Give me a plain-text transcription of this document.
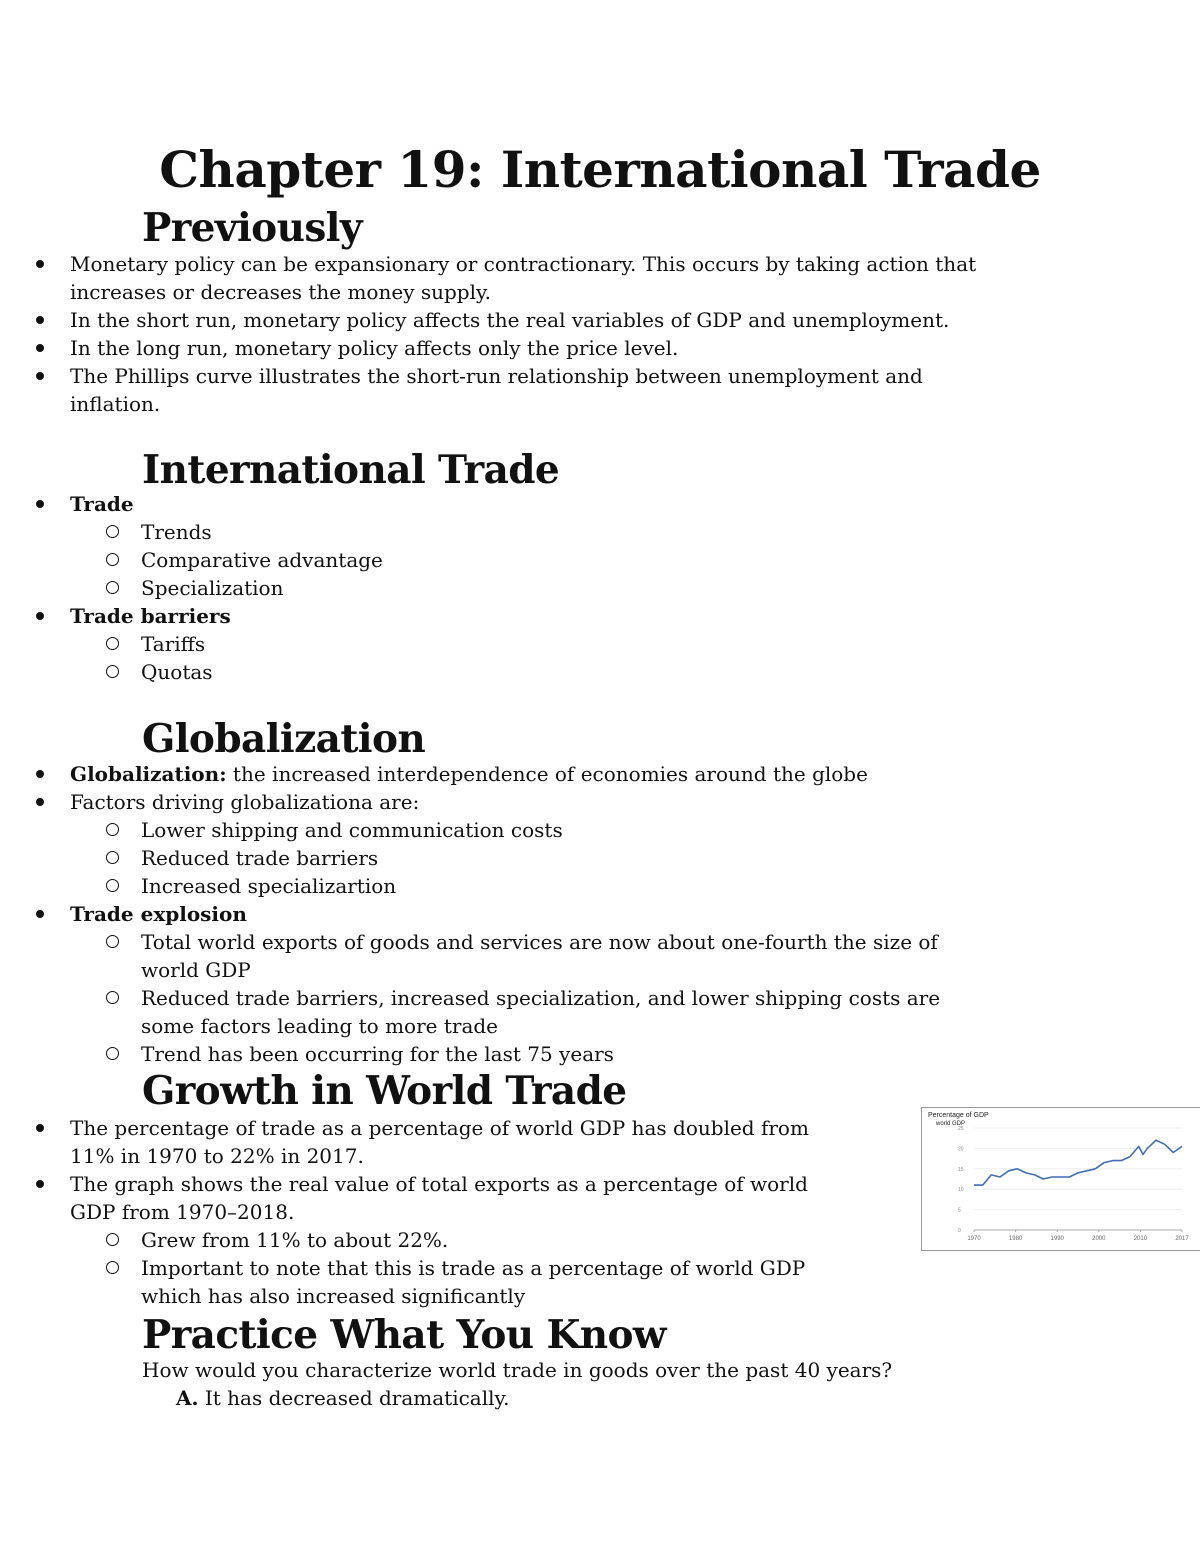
Chapter 19: International Trade
Previously
Monetary policy can be expansionary or contractionary. This occurs by taking action that
increases or decreases the money supply.
In the short run, monetary policy affects the real variables of GDP and unemployment.
In the long run, monetary policy affects only the price level.
The Phillips curve illustrates the short-run relationship between unemployment and
inflation.
International Trade
Trade
Trends
Comparative advantage
Specialization
Trade barriers
Tariffs
Quotas
Globalization
Globalization: the increased interdependence of economies around the globe
Factors driving globalizationa are:
Lower shipping and communication costs
Reduced trade barriers
Increased specializartion
Trade explosion
Total world exports of goods and services are now about one-fourth the size of
world GDP
Reduced trade barriers, increased specialization, and lower shipping costs are
some factors leading to more trade
Trend has been occurring for the last 75 years
Growth in World Trade
The percentage of trade as a percentage of world GDP has doubled from
11% in 1970 to 22% in 2017.
The graph shows the real value of total exports as a percentage of world
GDP from 1970–2018.
Grew from 11% to about 22%.
Important to note that this is trade as a percentage of world GDP
which has also increased significantly
Percentage of GDP
world GDP
0
5
10
15
20
25
1970	1980	1990	2000	2010	2017
Practice What You Know

How would you characterize world trade in goods over the past 40 years?

A. It has decreased dramatically.
